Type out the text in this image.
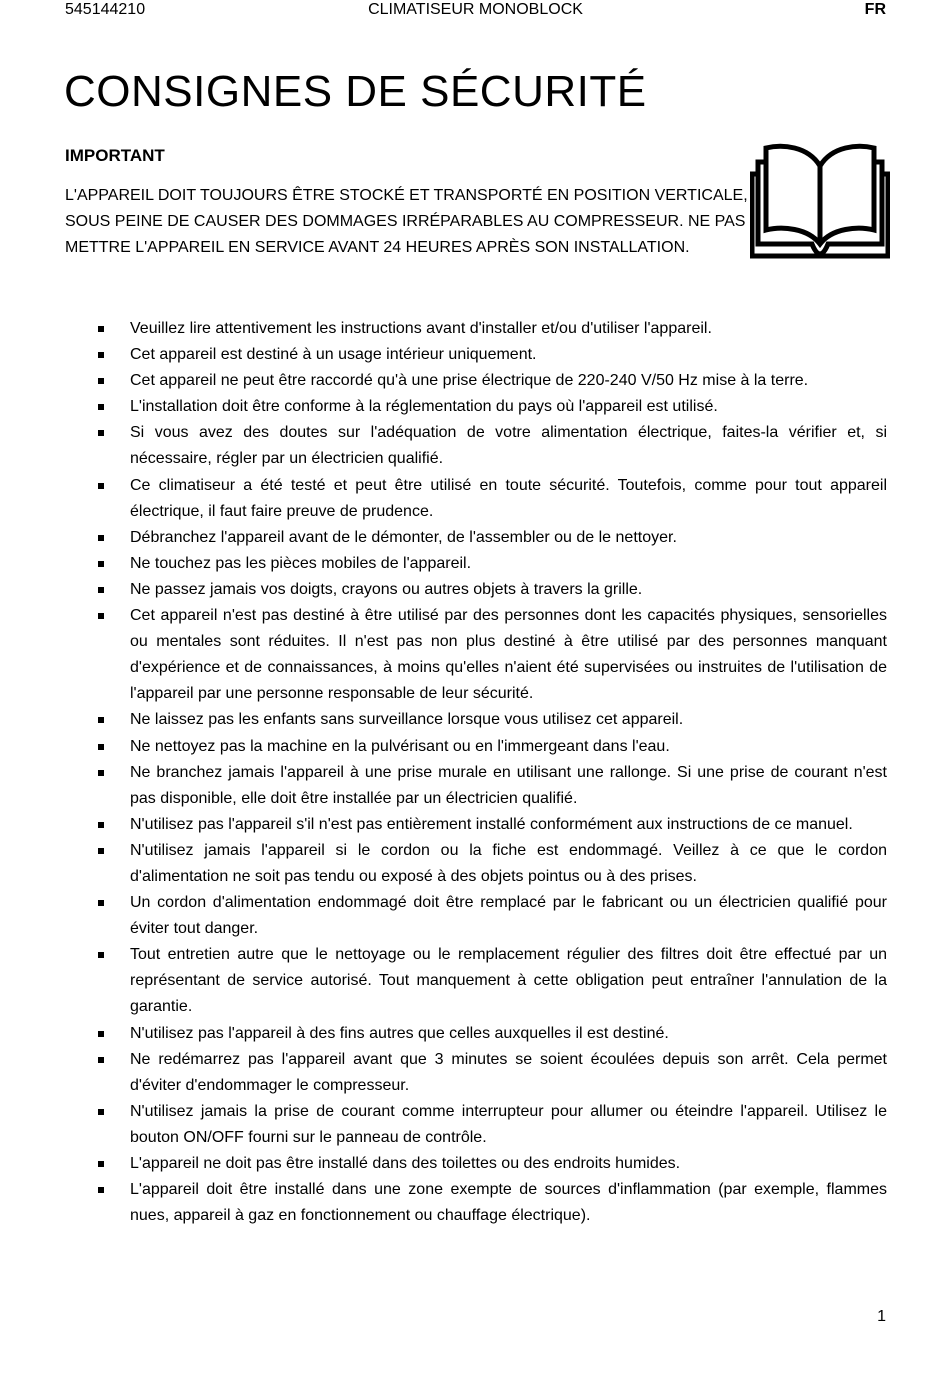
545144210	CLIMATISEUR MONOBLOCK	FR
CONSIGNES DE SÉCURITÉ
IMPORTANT
L'APPAREIL DOIT TOUJOURS ÊTRE STOCKÉ ET TRANSPORTÉ EN POSITION VERTICALE, SOUS PEINE DE CAUSER DES DOMMAGES IRRÉPARABLES AU COMPRESSEUR. NE PAS METTRE L'APPAREIL EN SERVICE AVANT 24 HEURES APRÈS SON INSTALLATION.
Veuillez lire attentivement les instructions avant d'installer et/ou d'utiliser l'appareil.
Cet appareil est destiné à un usage intérieur uniquement.
Cet appareil ne peut être raccordé qu'à une prise électrique de 220-240 V/50 Hz mise à la terre.
L'installation doit être conforme à la réglementation du pays où l'appareil est utilisé.
Si vous avez des doutes sur l'adéquation de votre alimentation électrique, faites-la vérifier et, si nécessaire, régler par un électricien qualifié.
Ce climatiseur a été testé et peut être utilisé en toute sécurité. Toutefois, comme pour tout appareil électrique, il faut faire preuve de prudence.
Débranchez l'appareil avant de le démonter, de l'assembler ou de le nettoyer.
Ne touchez pas les pièces mobiles de l'appareil.
Ne passez jamais vos doigts, crayons ou autres objets à travers la grille.
Cet appareil n'est pas destiné à être utilisé par des personnes dont les capacités physiques, sensorielles ou mentales sont réduites. Il n'est pas non plus destiné à être utilisé par des personnes manquant d'expérience et de connaissances, à moins qu'elles n'aient été supervisées ou instruites de l'utilisation de l'appareil par une personne responsable de leur sécurité.
Ne laissez pas les enfants sans surveillance lorsque vous utilisez cet appareil.
Ne nettoyez pas la machine en la pulvérisant ou en l'immergeant dans l'eau.
Ne branchez jamais l'appareil à une prise murale en utilisant une rallonge. Si une prise de courant n'est pas disponible, elle doit être installée par un électricien qualifié.
N'utilisez pas l'appareil s'il n'est pas entièrement installé conformément aux instructions de ce manuel.
N'utilisez jamais l'appareil si le cordon ou la fiche est endommagé. Veillez à ce que le cordon d'alimentation ne soit pas tendu ou exposé à des objets pointus ou à des prises.
Un cordon d'alimentation endommagé doit être remplacé par le fabricant ou un électricien qualifié pour éviter tout danger.
Tout entretien autre que le nettoyage ou le remplacement régulier des filtres doit être effectué par un représentant de service autorisé. Tout manquement à cette obligation peut entraîner l'annulation de la garantie.
N'utilisez pas l'appareil à des fins autres que celles auxquelles il est destiné.
Ne redémarrez pas l'appareil avant que 3 minutes se soient écoulées depuis son arrêt. Cela permet d'éviter d'endommager le compresseur.
N'utilisez jamais la prise de courant comme interrupteur pour allumer ou éteindre l'appareil. Utilisez le bouton ON/OFF fourni sur le panneau de contrôle.
L'appareil ne doit pas être installé dans des toilettes ou des endroits humides.
L'appareil doit être installé dans une zone exempte de sources d'inflammation (par exemple, flammes nues, appareil à gaz en fonctionnement ou chauffage électrique).
1
